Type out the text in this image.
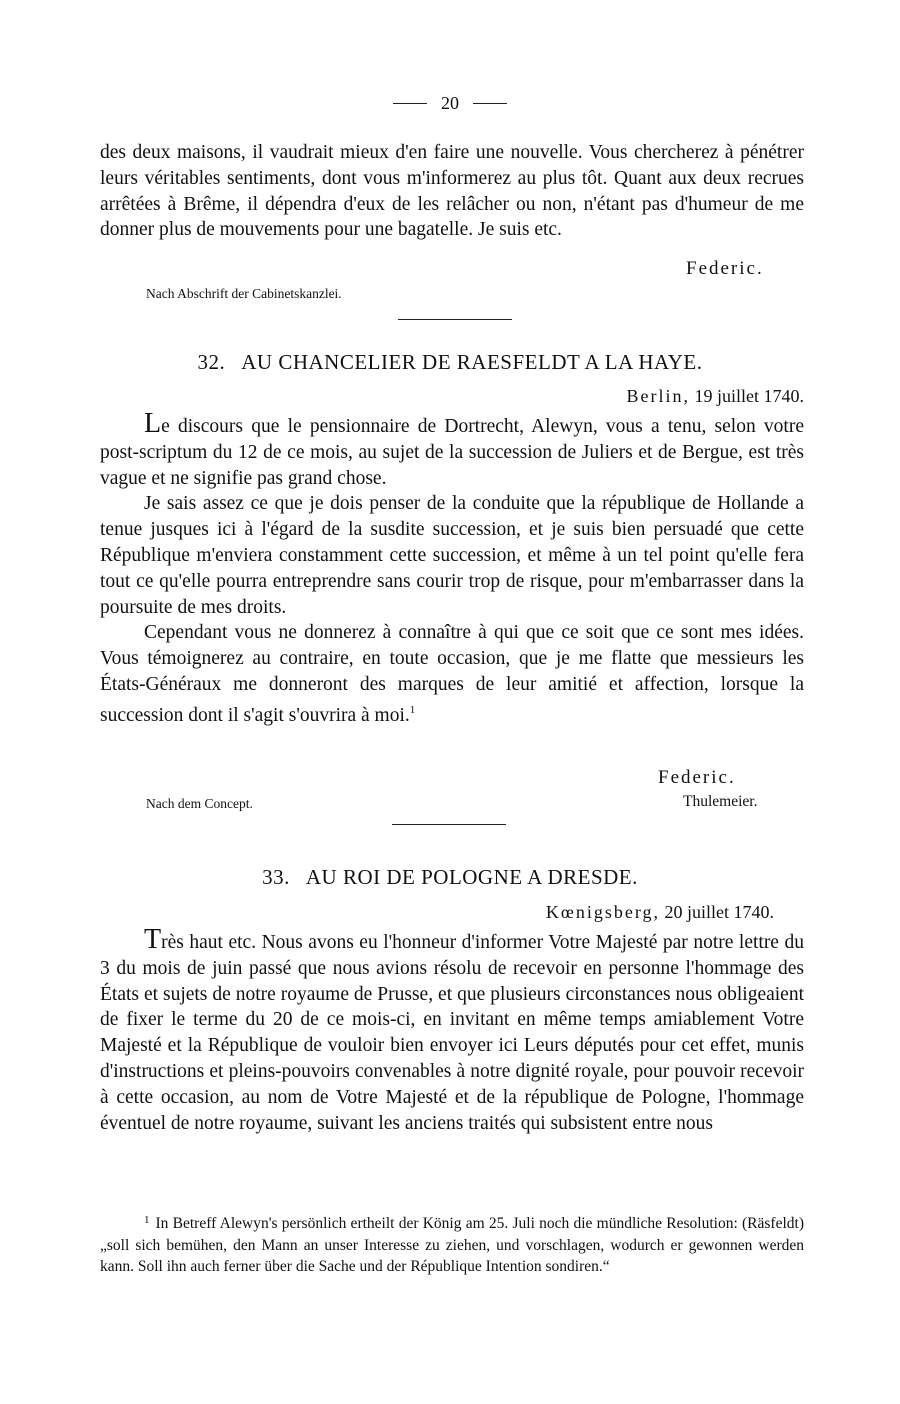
20

des deux maisons, il vaudrait mieux d'en faire une nouvelle. Vous chercherez à pénétrer leurs véritables sentiments, dont vous m'informerez au plus tôt. Quant aux deux recrues arrêtées à Brême, il dépendra d'eux de les relâcher ou non, n'étant pas d'humeur de me donner plus de mouvements pour une bagatelle. Je suis etc.

Federic.
Nach Abschrift der Cabinetskanzlei.
32. AU CHANCELIER DE RAESFELDT A LA HAYE.
Berlin, 19 juillet 1740.

Le discours que le pensionnaire de Dortrecht, Alewyn, vous a tenu, selon votre post-scriptum du 12 de ce mois, au sujet de la succession de Juliers et de Bergue, est très vague et ne signifie pas grand chose.

Je sais assez ce que je dois penser de la conduite que la république de Hollande a tenue jusques ici à l'égard de la susdite succession, et je suis bien persuadé que cette République m'enviera constamment cette succession, et même à un tel point qu'elle fera tout ce qu'elle pourra entreprendre sans courir trop de risque, pour m'embarrasser dans la poursuite de mes droits.

Cependant vous ne donnerez à connaître à qui que ce soit que ce sont mes idées. Vous témoignerez au contraire, en toute occasion, que je me flatte que messieurs les États-Généraux me donneront des marques de leur amitié et affection, lorsque la succession dont il s'agit s'ouvrira à moi.$^1$

Federic.
Thulemeier.
Nach dem Concept.
33. AU ROI DE POLOGNE A DRESDE.
Kœnigsberg, 20 juillet 1740.

Très haut etc. Nous avons eu l'honneur d'informer Votre Majesté par notre lettre du 3 du mois de juin passé que nous avions résolu de recevoir en personne l'hommage des États et sujets de notre royaume de Prusse, et que plusieurs circonstances nous obligeaient de fixer le terme du 20 de ce mois-ci, en invitant en même temps amiablement Votre Majesté et la République de vouloir bien envoyer ici Leurs députés pour cet effet, munis d'instructions et pleins-pouvoirs convenables à notre dignité royale, pour pouvoir recevoir à cette occasion, au nom de Votre Majesté et de la république de Pologne, l'hommage éventuel de notre royaume, suivant les anciens traités qui subsistent entre nous

$^1$ In Betreff Alewyn's persönlich ertheilt der König am 25. Juli noch die mündliche Resolution: (Räsfeldt) „soll sich bemühen, den Mann an unser Interesse zu ziehen, und vorschlagen, wodurch er gewonnen werden kann. Soll ihn auch ferner über die Sache und der République Intention sondiren.“
